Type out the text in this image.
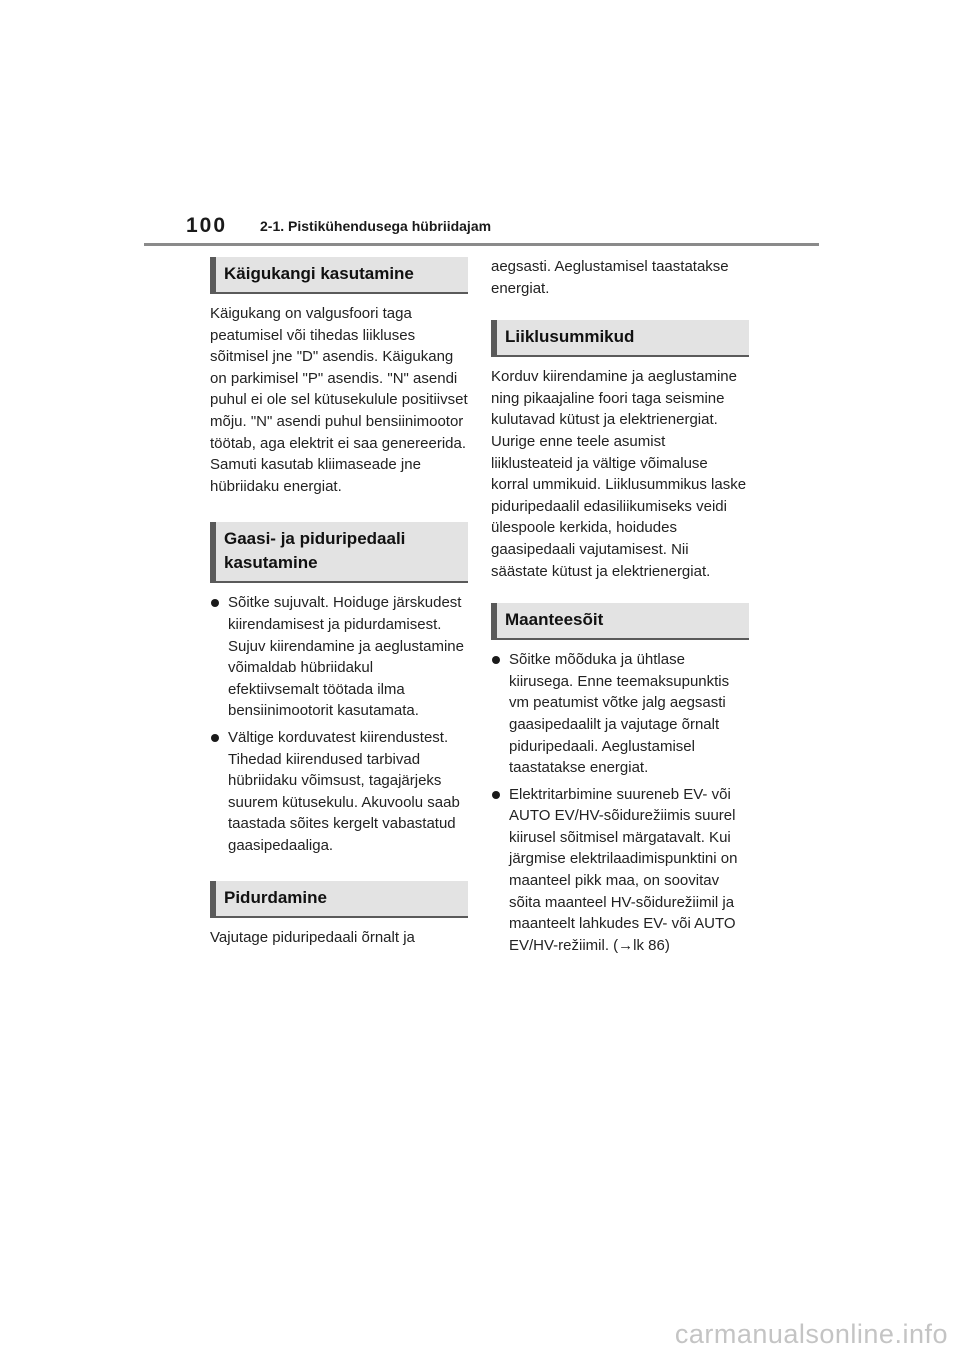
100 2-1. Pistikühendusega hübriidajam
Käigukangi kasutamine

Käigukang on valgusfoori taga peatumisel või tihedas liikluses sõitmisel jne "D" asendis. Käigukang on parkimisel "P" asendis. "N" asendi puhul ei ole sel kütusekulule positiivset mõju. "N" asendi puhul bensiinimootor töötab, aga elektrit ei saa genereerida. Samuti kasutab kliimaseade jne hübriidaku energiat.

Gaasi- ja piduripedaali kasutamine
Sõitke sujuvalt. Hoiduge järskudest kiirendamisest ja pidurdamisest. Sujuv kiirendamine ja aeglustamine võimaldab hübriidakul efektiivsemalt töötada ilma bensiinimootorit kasutamata.
Vältige korduvatest kiirendustest. Tihedad kiirendused tarbivad hübriidaku võimsust, tagajärjeks suurem kütusekulu. Akuvoolu saab taastada sõites kergelt vabastatud gaasipedaaliga.
Pidurdamine

Vajutage piduripedaali õrnalt ja

aegsasti. Aeglustamisel taastatakse energiat.

Liiklusummikud

Korduv kiirendamine ja aeglustamine ning pikaajaline foori taga seismine kulutavad kütust ja elektrienergiat. Uurige enne teele asumist liiklusteateid ja vältige võimaluse korral ummikuid. Liiklusummikus laske piduripedaalil edasiliikumiseks veidi ülespoole kerkida, hoidudes gaasipedaali vajutamisest. Nii säästate kütust ja elektrienergiat.

Maanteesõit
Sõitke mõõduka ja ühtlase kiirusega. Enne teemaksupunktis vm peatumist võtke jalg aegsasti gaasipedaalilt ja vajutage õrnalt piduripedaali. Aeglustamisel taastatakse energiat.
Elektritarbimine suureneb EV- või AUTO EV/HV-sõidurežiimis suurel kiirusel sõitmisel märgatavalt. Kui järgmise elektrilaadimispunktini on maanteel pikk maa, on soovitav sõita maanteel HV-sõidurežiimil ja maanteelt lahkudes EV- või AUTO EV/HV-režiimil. (→lk 86)
carmanualsonline.info
